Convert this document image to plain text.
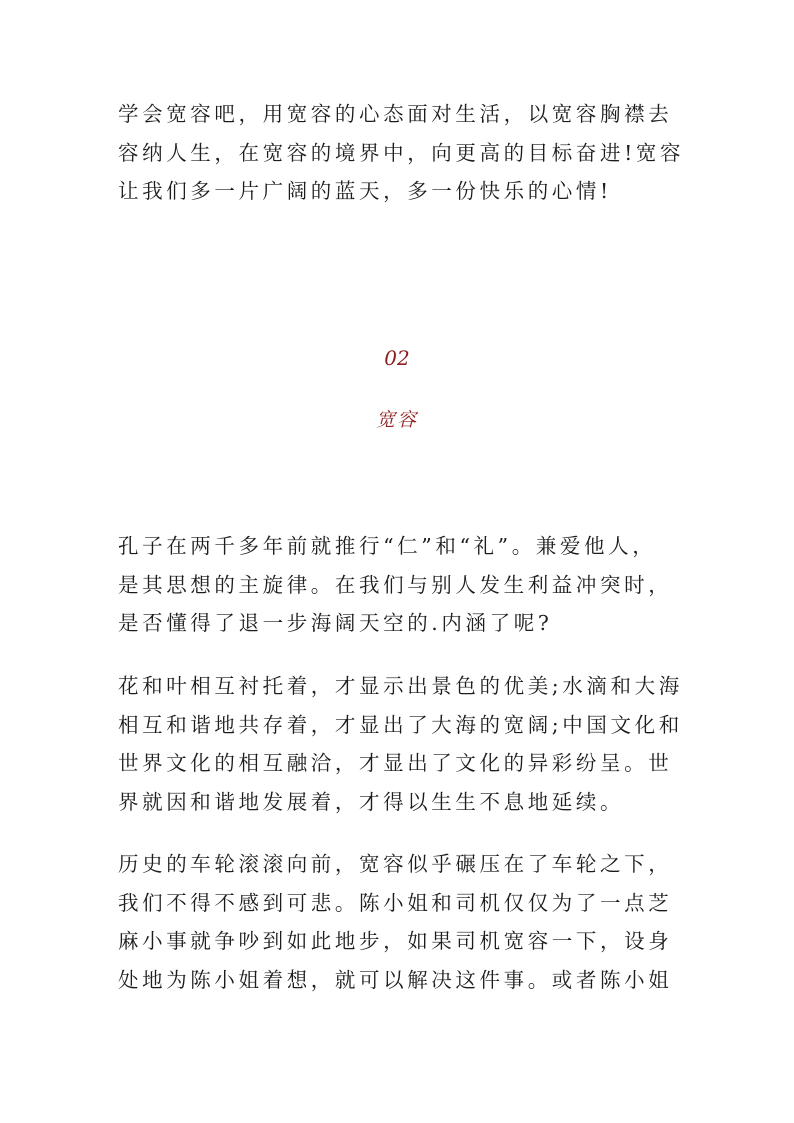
学会宽容吧，用宽容的心态面对生活，以宽容胸襟去
容纳人生，在宽容的境界中，向更高的目标奋进!宽容
让我们多一片广阔的蓝天，多一份快乐的心情!

02

宽容

孔子在两千多年前就推行“仁”和“礼”。兼爱他人，
是其思想的主旋律。在我们与别人发生利益冲突时，
是否懂得了退一步海阔天空的.内涵了呢?

花和叶相互衬托着，才显示出景色的优美;水滴和大海
相互和谐地共存着，才显出了大海的宽阔;中国文化和
世界文化的相互融洽，才显出了文化的异彩纷呈。世
界就因和谐地发展着，才得以生生不息地延续。

历史的车轮滚滚向前，宽容似乎碾压在了车轮之下，
我们不得不感到可悲。陈小姐和司机仅仅为了一点芝
麻小事就争吵到如此地步，如果司机宽容一下，设身
处地为陈小姐着想，就可以解决这件事。或者陈小姐
